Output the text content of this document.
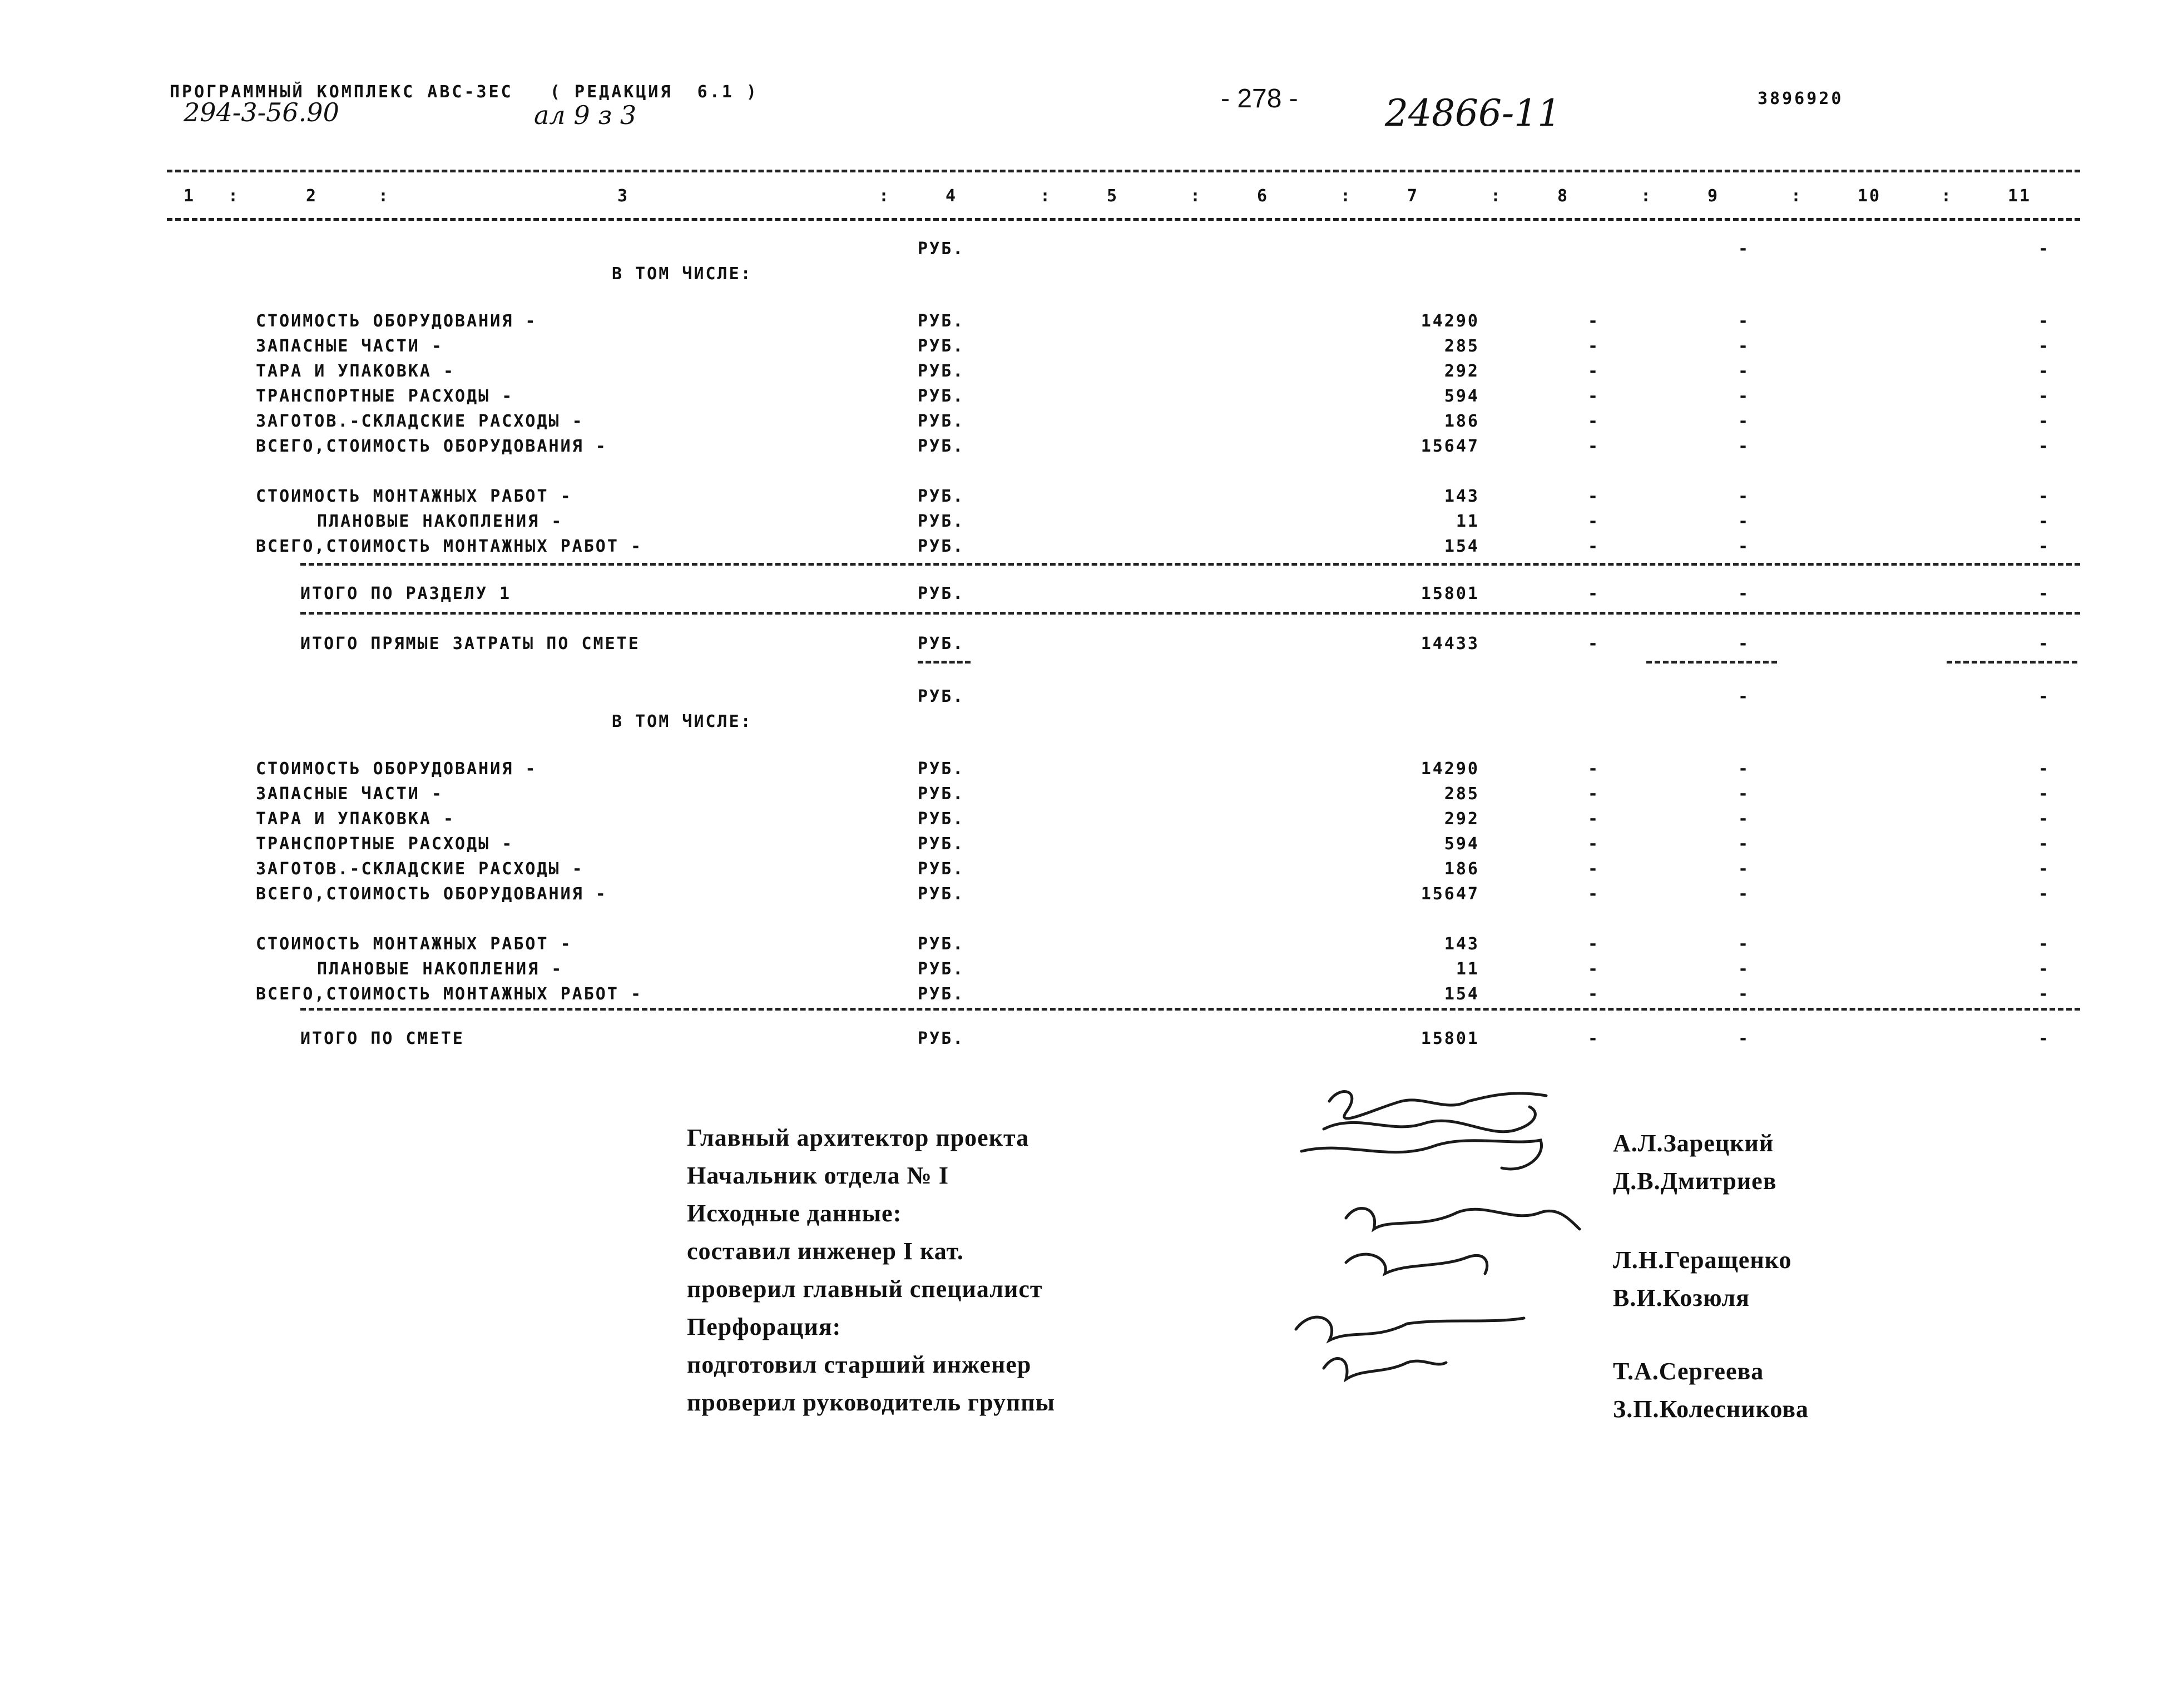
ПРОГРАММНЫЙ КОМПЛЕКС АВС-ЗЕС   ( РЕДАКЦИЯ  6.1 )
294-3-56.90	ал 9 з 3
- 278 - 24866-11	3896920
1	2	3	4	5	6	7	8	9	10	11
:	:	:	:	:	:	:	:	:	:
РУБ.	-	-
В ТОМ ЧИСЛЕ:
СТОИМОСТЬ ОБОРУДОВАНИЯ -	РУБ.	14290	-	-	-
ЗАПАСНЫЕ ЧАСТИ -	РУБ.	285	-	-	-
ТАРА И УПАКОВКА -	РУБ.	292	-	-	-
ТРАНСПОРТНЫЕ РАСХОДЫ -	РУБ.	594	-	-	-
ЗАГОТОВ.-СКЛАДСКИЕ РАСХОДЫ -	РУБ.	186	-	-	-
ВСЕГО,СТОИМОСТЬ ОБОРУДОВАНИЯ -	РУБ.	15647	-	-	-
СТОИМОСТЬ МОНТАЖНЫХ РАБОТ -	РУБ.	143	-	-	-
ПЛАНОВЫЕ НАКОПЛЕНИЯ -	РУБ.	11	-	-	-
ВСЕГО,СТОИМОСТЬ МОНТАЖНЫХ РАБОТ -	РУБ.	154	-	-	-
ИТОГО ПО РАЗДЕЛУ 1	РУБ.	15801	-	-	-
ИТОГО ПРЯМЫЕ ЗАТРАТЫ ПО СМЕТЕ	РУБ.	14433	-	-	-
РУБ.	-	-
В ТОМ ЧИСЛЕ:
СТОИМОСТЬ ОБОРУДОВАНИЯ -	РУБ.	14290	-	-	-
ЗАПАСНЫЕ ЧАСТИ -	РУБ.	285	-	-	-
ТАРА И УПАКОВКА -	РУБ.	292	-	-	-
ТРАНСПОРТНЫЕ РАСХОДЫ -	РУБ.	594	-	-	-
ЗАГОТОВ.-СКЛАДСКИЕ РАСХОДЫ -	РУБ.	186	-	-	-
ВСЕГО,СТОИМОСТЬ ОБОРУДОВАНИЯ -	РУБ.	15647	-	-	-
СТОИМОСТЬ МОНТАЖНЫХ РАБОТ -	РУБ.	143	-	-	-
ПЛАНОВЫЕ НАКОПЛЕНИЯ -	РУБ.	11	-	-	-
ВСЕГО,СТОИМОСТЬ МОНТАЖНЫХ РАБОТ -	РУБ.	154	-	-	-
ИТОГО ПО СМЕТЕ	РУБ.	15801	-	-	-
Главный архитектор проекта	А.Л.Зарецкий
Начальник отдела № I	Д.В.Дмитриев
Исходные данные:
составил инженер I кат.	Л.Н.Геращенко
проверил главный специалист	В.И.Козюля
Перфорация:
подготовил старший инженер	Т.А.Сергеева
проверил руководитель группы	З.П.Колесникова
